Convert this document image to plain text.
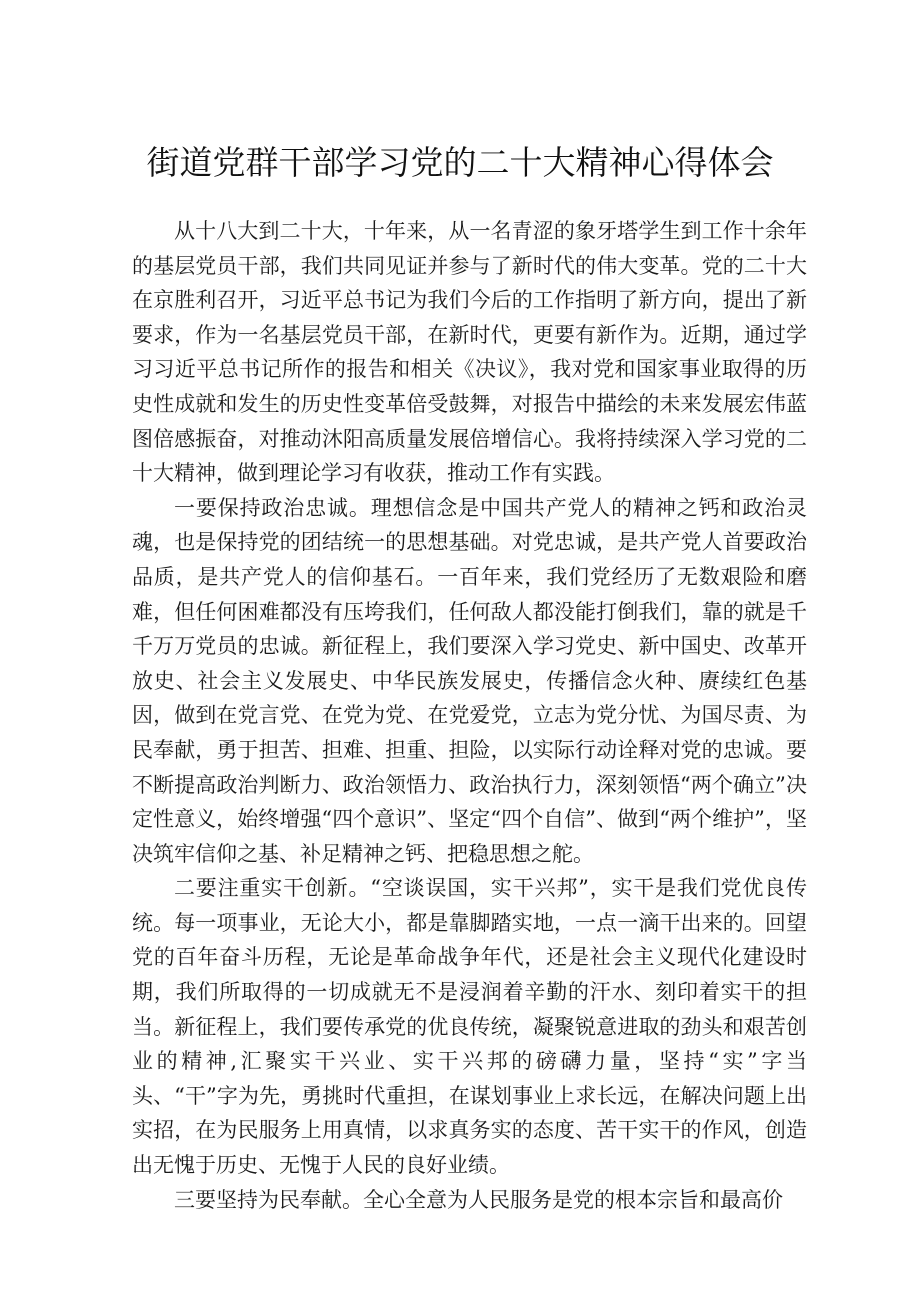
街道党群干部学习党的二十大精神心得体会

从十八大到二十大，十年来，从一名青涩的象牙塔学生到工作十余年的基层党员干部，我们共同见证并参与了新时代的伟大变革。党的二十大在京胜利召开，习近平总书记为我们今后的工作指明了新方向，提出了新要求，作为一名基层党员干部，在新时代，更要有新作为。近期，通过学习习近平总书记所作的报告和相关《决议》，我对党和国家事业取得的历史性成就和发生的历史性变革倍受鼓舞，对报告中描绘的未来发展宏伟蓝图倍感振奋，对推动沐阳高质量发展倍增信心。我将持续深入学习党的二十大精神，做到理论学习有收获，推动工作有实践。

一要保持政治忠诚。理想信念是中国共产党人的精神之钙和政治灵魂，也是保持党的团结统一的思想基础。对党忠诚，是共产党人首要政治品质，是共产党人的信仰基石。一百年来，我们党经历了无数艰险和磨难，但任何困难都没有压垮我们，任何敌人都没能打倒我们，靠的就是千千万万党员的忠诚。新征程上，我们要深入学习党史、新中国史、改革开放史、社会主义发展史、中华民族发展史，传播信念火种、赓续红色基因，做到在党言党、在党为党、在党爱党，立志为党分忧、为国尽责、为民奉献，勇于担苦、担难、担重、担险，以实际行动诠释对党的忠诚。要不断提高政治判断力、政治领悟力、政治执行力，深刻领悟“两个确立”决定性意义，始终增强“四个意识”、坚定“四个自信”、做到“两个维护”，坚决筑牢信仰之基、补足精神之钙、把稳思想之舵。

二要注重实干创新。“空谈误国，实干兴邦”，实干是我们党优良传统。每一项事业，无论大小，都是靠脚踏实地，一点一滴干出来的。回望党的百年奋斗历程，无论是革命战争年代，还是社会主义现代化建设时期，我们所取得的一切成就无不是浸润着辛勤的汗水、刻印着实干的担当。新征程上，我们要传承党的优良传统，凝聚锐意进取的劲头和艰苦创业的精神,汇聚实干兴业、实干兴邦的磅礴力量，坚持“实”字当头、“干”字为先，勇挑时代重担，在谋划事业上求长远，在解决问题上出实招，在为民服务上用真情，以求真务实的态度、苦干实干的作风，创造出无愧于历史、无愧于人民的良好业绩。

三要坚持为民奉献。全心全意为人民服务是党的根本宗旨和最高价
